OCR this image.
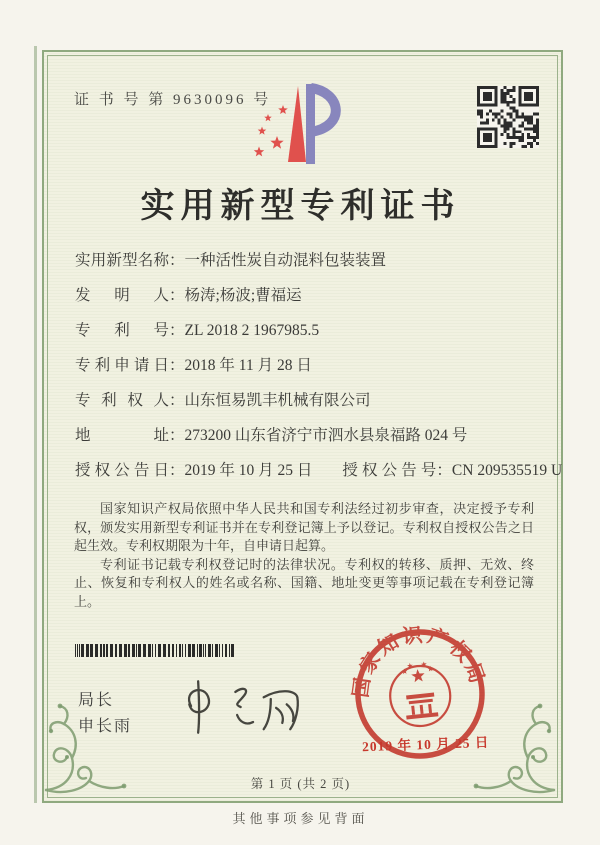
证 书 号 第 9630096 号
实用新型专利证书
实用新型名称：一种活性炭自动混料包装装置
发明人：杨涛;杨波;曹福运
专利号：ZL 2018 2 1967985.5
专利申请日：2018 年 11 月 28 日
专利权人：山东恒易凯丰机械有限公司
地址：273200 山东省济宁市泗水县泉福路 024 号
授权公告日：2019 年 10 月 25 日 授权公告号：CN 209535519 U

国家知识产权局依照中华人民共和国专利法经过初步审查，决定授予专利权，颁发实用新型专利证书并在专利登记簿上予以登记。专利权自授权公告之日起生效。专利权期限为十年，自申请日起算。

专利证书记载专利权登记时的法律状况。专利权的转移、质押、无效、终止、恢复和专利权人的姓名或名称、国籍、地址变更等事项记载在专利登记簿上。

局长
申长雨
国家知识产权局
2019 年 10 月 25 日
第 1 页 (共 2 页)
其他事项参见背面
